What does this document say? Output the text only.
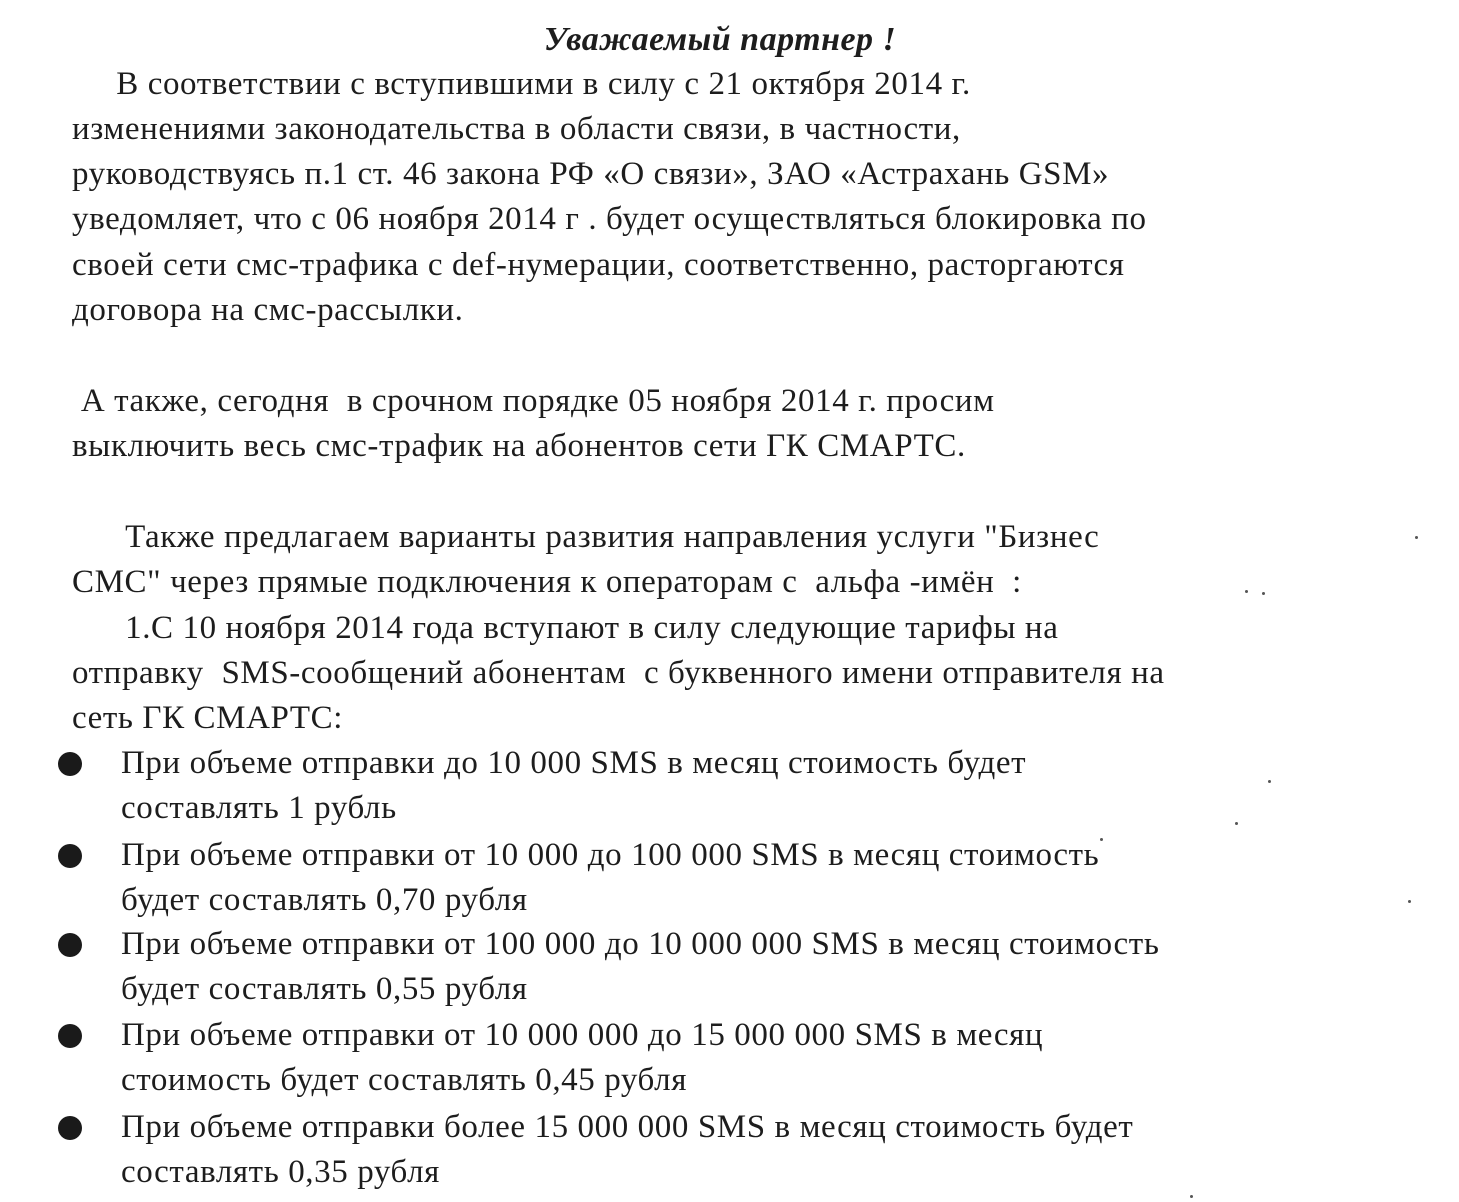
Уважаемый партнер !
В соответствии с вступившими в силу с 21 октября 2014 г.
изменениями законодательства в области связи, в частности,
руководствуясь п.1 ст. 46 закона РФ «О связи», ЗАО «Астрахань GSM»
уведомляет, что с 06 ноября 2014 г . будет осуществляться блокировка по
своей сети смс-трафика с def-нумерации, соответственно, расторгаются
договора на смс-рассылки.
А также, сегодня  в срочном порядке 05 ноября 2014 г. просим
выключить весь смс-трафик на абонентов сети ГК СМАРТС.
Также предлагаем варианты развития направления услуги "Бизнес
СМС" через прямые подключения к операторам с  альфа -имён  :
1.С 10 ноября 2014 года вступают в силу следующие тарифы на
отправку  SMS-сообщений абонентам  с буквенного имени отправителя на
сеть ГК СМАРТС:
При объеме отправки до 10 000 SMS в месяц стоимость будет
составлять 1 рубль
При объеме отправки от 10 000 до 100 000 SMS в месяц стоимость
будет составлять 0,70 рубля
При объеме отправки от 100 000 до 10 000 000 SMS в месяц стоимость
будет составлять 0,55 рубля
При объеме отправки от 10 000 000 до 15 000 000 SMS в месяц
стоимость будет составлять 0,45 рубля
При объеме отправки более 15 000 000 SMS в месяц стоимость будет
составлять 0,35 рубля
